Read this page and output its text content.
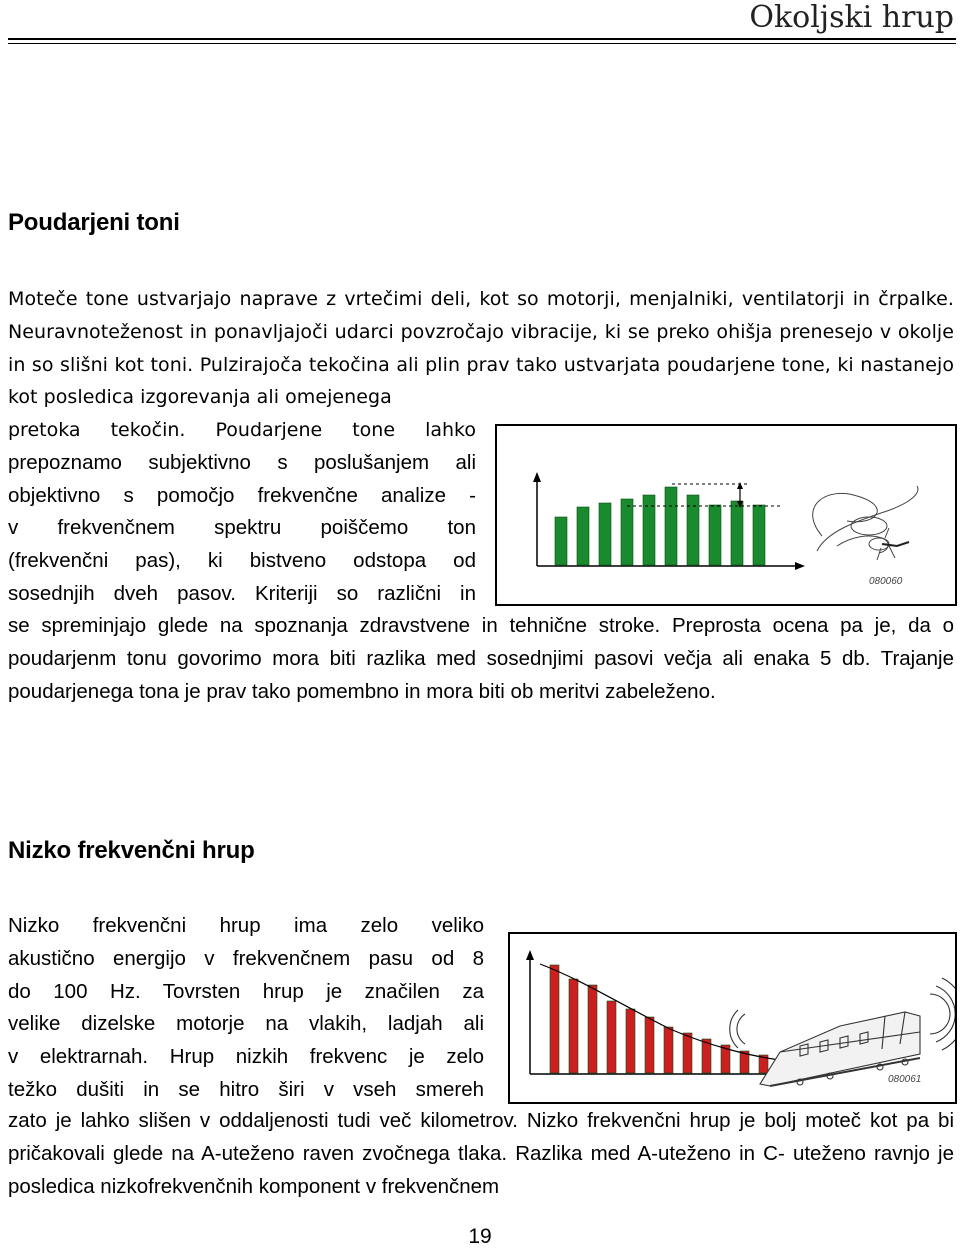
Okoljski hrup
Poudarjeni toni

Moteče tone ustvarjajo naprave z vrtečimi deli, kot so motorji, menjalniki, ventilatorji in črpalke. Neuravnoteženost in ponavljajoči udarci povzročajo vibracije, ki se preko ohišja prenesejo v okolje in so slišni kot toni. Pulzirajoča tekočina ali plin prav tako ustvarjata poudarjene tone, ki nastanejo kot posledica izgorevanja ali omejenega

pretoka tekočin. Poudarjene tone lahko
prepoznamo subjektivno s poslušanjem ali
objektivno s pomočjo frekvenčne analize -
v frekvenčnem spektru poiščemo ton
(frekvenčni pas), ki bistveno odstopa od
sosednjih dveh pasov. Kriteriji so različni in
080060

se spreminjajo glede na spoznanja zdravstvene in tehnične stroke. Preprosta ocena pa je, da o poudarjenm tonu govorimo mora biti razlika med sosednjimi pasovi večja ali enaka 5 db. Trajanje poudarjenega tona je prav tako pomembno in mora biti ob meritvi zabeleženo.

Nizko frekvenčni hrup
Nizko frekvenčni hrup ima zelo veliko
akustično energijo v frekvenčnem pasu od 8
do 100 Hz. Tovrsten hrup je značilen za
velike dizelske motorje na vlakih, ladjah ali
v elektrarnah. Hrup nizkih frekvenc je zelo
težko dušiti in se hitro širi v vseh smereh	080061

zato je lahko slišen v oddaljenosti tudi več kilometrov. Nizko frekvenčni hrup je bolj moteč kot pa bi pričakovali glede na A-uteženo raven zvočnega tlaka. Razlika med A-uteženo in C- uteženo ravnjo je posledica nizkofrekvenčnih komponent v frekvenčnem

19
